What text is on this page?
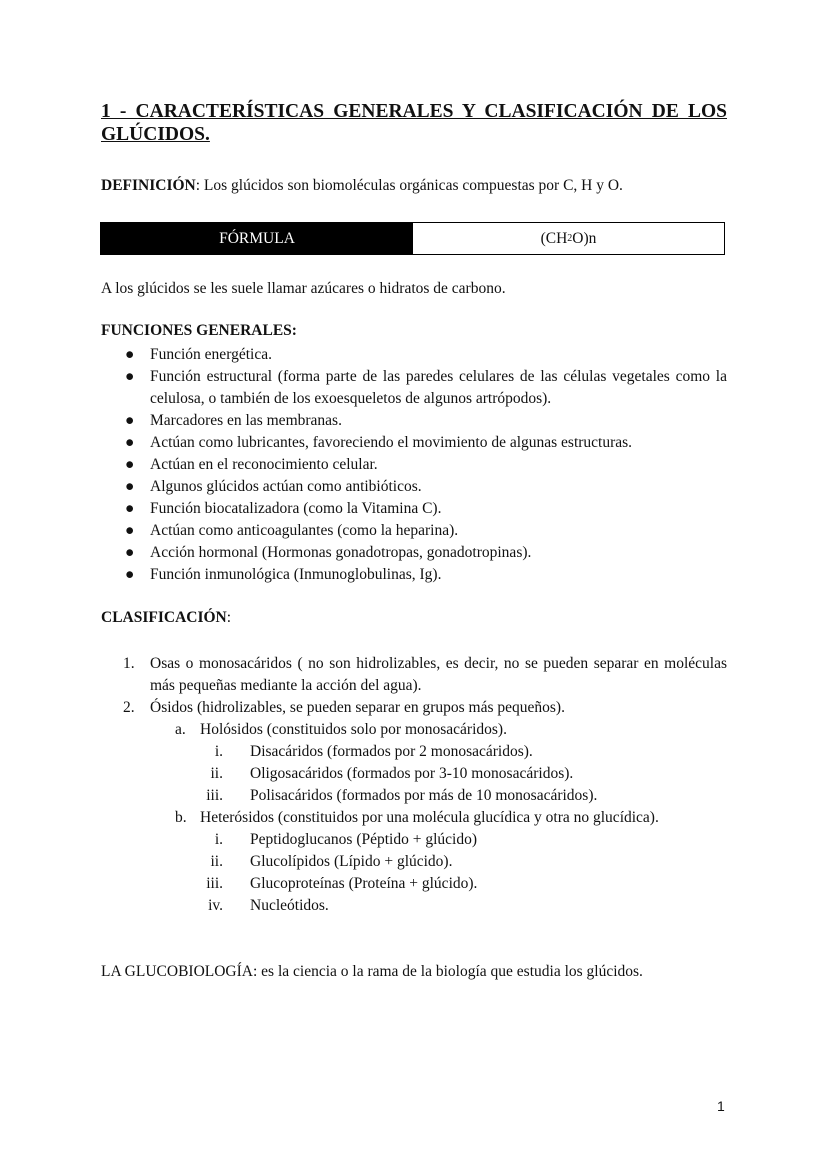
1 - CARACTERÍSTICAS GENERALES Y CLASIFICACIÓN DE LOS
GLÚCIDOS.
DEFINICIÓN: Los glúcidos son biomoléculas orgánicas compuestas por C, H y O.
FÓRMULA	(CH 2 O)n
A los glúcidos se les suele llamar azúcares o hidratos de carbono.
FUNCIONES GENERALES:
● Función energética.
● Función estructural (forma parte de las paredes celulares de las células vegetales como la celulosa, o también de los exoesqueletos de algunos artrópodos).
● Marcadores en las membranas.
● Actúan como lubricantes, favoreciendo el movimiento de algunas estructuras.
● Actúan en el reconocimiento celular.
● Algunos glúcidos actúan como antibióticos.
● Función biocatalizadora (como la Vitamina C).
● Actúan como anticoagulantes (como la heparina).
● Acción hormonal (Hormonas gonadotropas, gonadotropinas).
● Función inmunológica (Inmunoglobulinas, Ig).
CLASIFICACIÓN:
1. Osas o monosacáridos ( no son hidrolizables, es decir, no se pueden separar en moléculas más pequeñas mediante la acción del agua).
2. Ósidos (hidrolizables, se pueden separar en grupos más pequeños).
a. Holósidos (constituidos solo por monosacáridos).
i. Disacáridos (formados por 2 monosacáridos).
ii. Oligosacáridos (formados por 3-10 monosacáridos).
iii. Polisacáridos (formados por más de 10 monosacáridos).
b. Heterósidos (constituidos por una molécula glucídica y otra no glucídica).
i. Peptidoglucanos (Péptido + glúcido)
ii. Glucolípidos (Lípido + glúcido).
iii. Glucoproteínas (Proteína + glúcido).
iv. Nucleótidos.
LA GLUCOBIOLOGÍA: es la ciencia o la rama de la biología que estudia los glúcidos.
1
